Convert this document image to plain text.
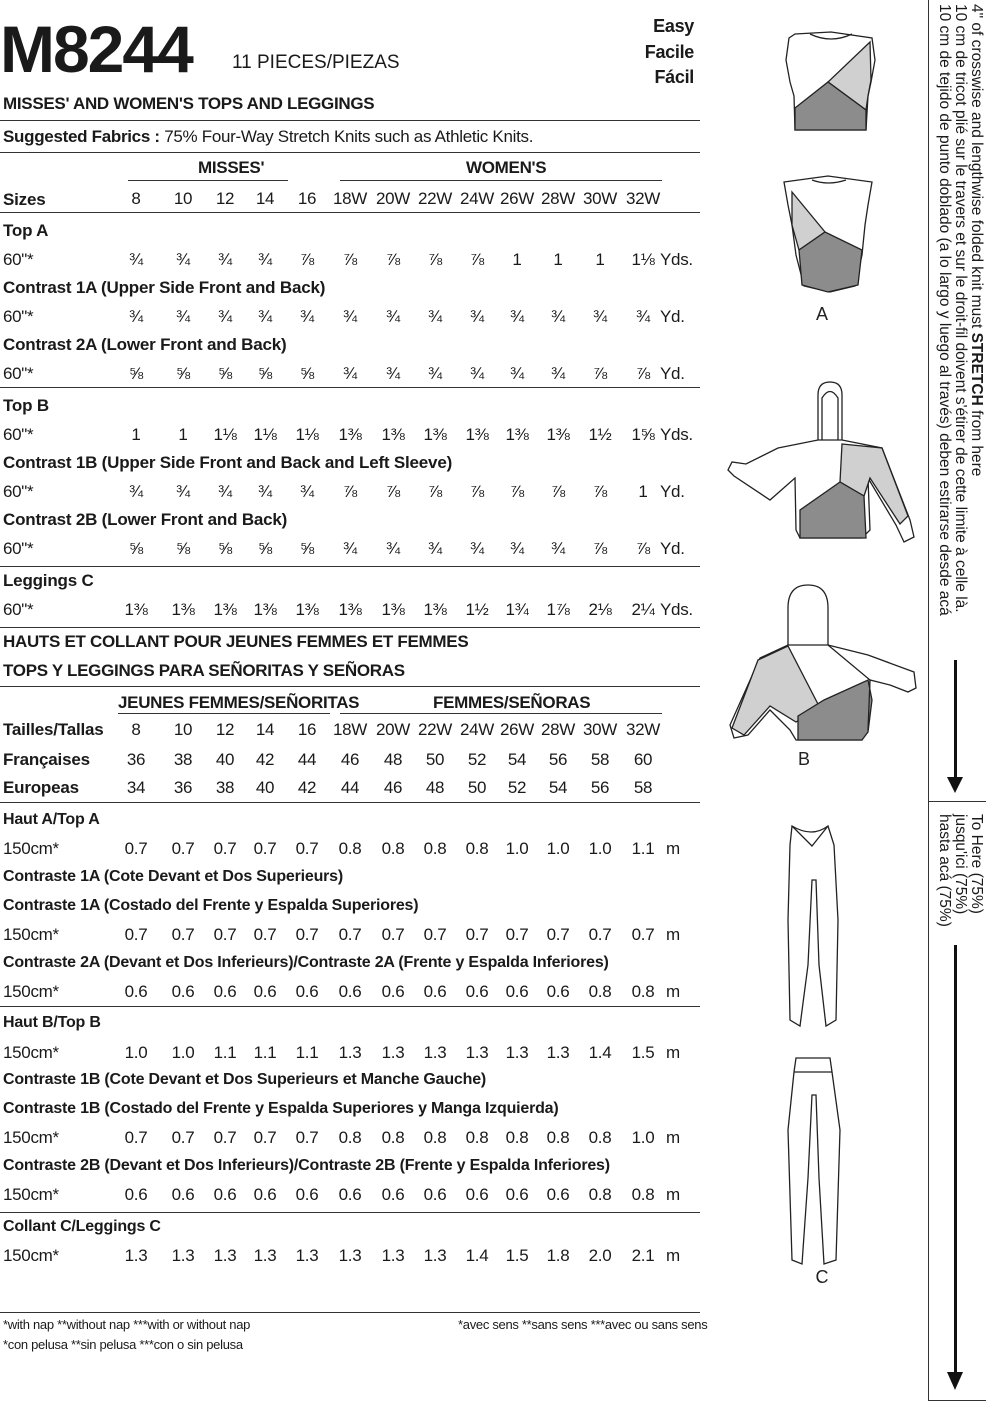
M8244 11 PIECES/PIEZAS
Easy
Facile
Fácil
MISSES' AND WOMEN'S TOPS AND LEGGINGS
Suggested Fabrics : 75% Four-Way Stretch Knits such as Athletic Knits.
MISSES'	WOMEN'S
Sizes	8	10	12	14	16 18W 20W 22W 24W 26W 28W 30W 32W
Top A
60"*	¾	¾	¾	¾	⅞	⅞	⅞	⅞	⅞	1	1	1	1⅛ Yds.
Contrast 1A (Upper Side Front and Back)
60"*	¾	¾	¾	¾	¾	¾	¾	¾	¾	¾	¾	¾	¾ Yd.
Contrast 2A (Lower Front and Back)
60"*	⅝	⅝	⅝	⅝	⅝	¾	¾	¾	¾	¾	¾	⅞	⅞ Yd.
Top B
60"*	1	1	1⅛ 1⅛	1⅛	1⅜	1⅜	1⅜	1⅜ 1⅜	1⅜	1½	1⅝ Yds.
Contrast 1B (Upper Side Front and Back and Left Sleeve)
60"*	¾	¾	¾	¾	¾	⅞	⅞	⅞	⅞	⅞	⅞	⅞	1 Yd.
Contrast 2B (Lower Front and Back)
60"*	⅝	⅝	⅝	⅝	⅝	¾	¾	¾	¾	¾	¾	⅞	⅞ Yd.
Leggings C
60"*	1⅜	1⅜	1⅜ 1⅜	1⅜	1⅜	1⅜	1⅜	1½ 1¾	1⅞	2⅛	2¼ Yds.
HAUTS ET COLLANT POUR JEUNES FEMMES ET FEMMES
TOPS Y LEGGINGS PARA SEÑORITAS Y SEÑORAS
JEUNES FEMMES/SEÑORITAS	FEMMES/SEÑORAS
Tailles/Tallas	8	10	12	14	16 18W 20W 22W 24W 26W 28W 30W 32W
Françaises	36	38	40	42	44	46	48	50	52	54	56	58	60
Europeas	34	36	38	40	42	44	46	48	50	52	54	56	58
Haut A/Top A
150cm*	0.7	0.7	0.7	0.7	0.7	0.8	0.8	0.8	0.8	1.0	1.0	1.0	1.1 m
Contraste 1A (Cote Devant et Dos Superieurs)
Contraste 1A (Costado del Frente y Espalda Superiores)
150cm*	0.7	0.7	0.7	0.7	0.7	0.7	0.7	0.7	0.7	0.7	0.7	0.7	0.7 m
Contraste 2A (Devant et Dos Inferieurs)/Contraste 2A (Frente y Espalda Inferiores)
150cm*	0.6	0.6	0.6	0.6	0.6	0.6	0.6	0.6	0.6	0.6	0.6	0.8	0.8 m
Haut B/Top B
150cm*	1.0	1.0	1.1	1.1	1.1	1.3	1.3	1.3	1.3	1.3	1.3	1.4	1.5 m
Contraste 1B (Cote Devant et Dos Superieurs et Manche Gauche)
Contraste 1B (Costado del Frente y Espalda Superiores y Manga Izquierda)
150cm*	0.7	0.7	0.7	0.7	0.7	0.8	0.8	0.8	0.8	0.8	0.8	0.8	1.0 m
Contraste 2B (Devant et Dos Inferieurs)/Contraste 2B (Frente y Espalda Inferiores)
150cm*	0.6	0.6	0.6	0.6	0.6	0.6	0.6	0.6	0.6	0.6	0.6	0.8	0.8 m
Collant C/Leggings C
150cm*	1.3	1.3	1.3	1.3	1.3	1.3	1.3	1.3	1.4	1.5	1.8	2.0	2.1 m
*with nap **without nap ***with or without nap
*con pelusa **sin pelusa ***con o sin pelusa
*avec sens **sans sens ***avec ou sans sens
A
B
C
4" of crosswise and lengthwise folded knit must STRETCH from here
10 cm de tricot plié sur le travers et sur le droit-fil doivent s'étirer de cette limite à celle là.
10 cm de tejido de punto doblado (a lo largo y luego al través) deben estirarse desde acá
To Here (75%)
jusqu'ici (75%)
hasta acá (75%)
